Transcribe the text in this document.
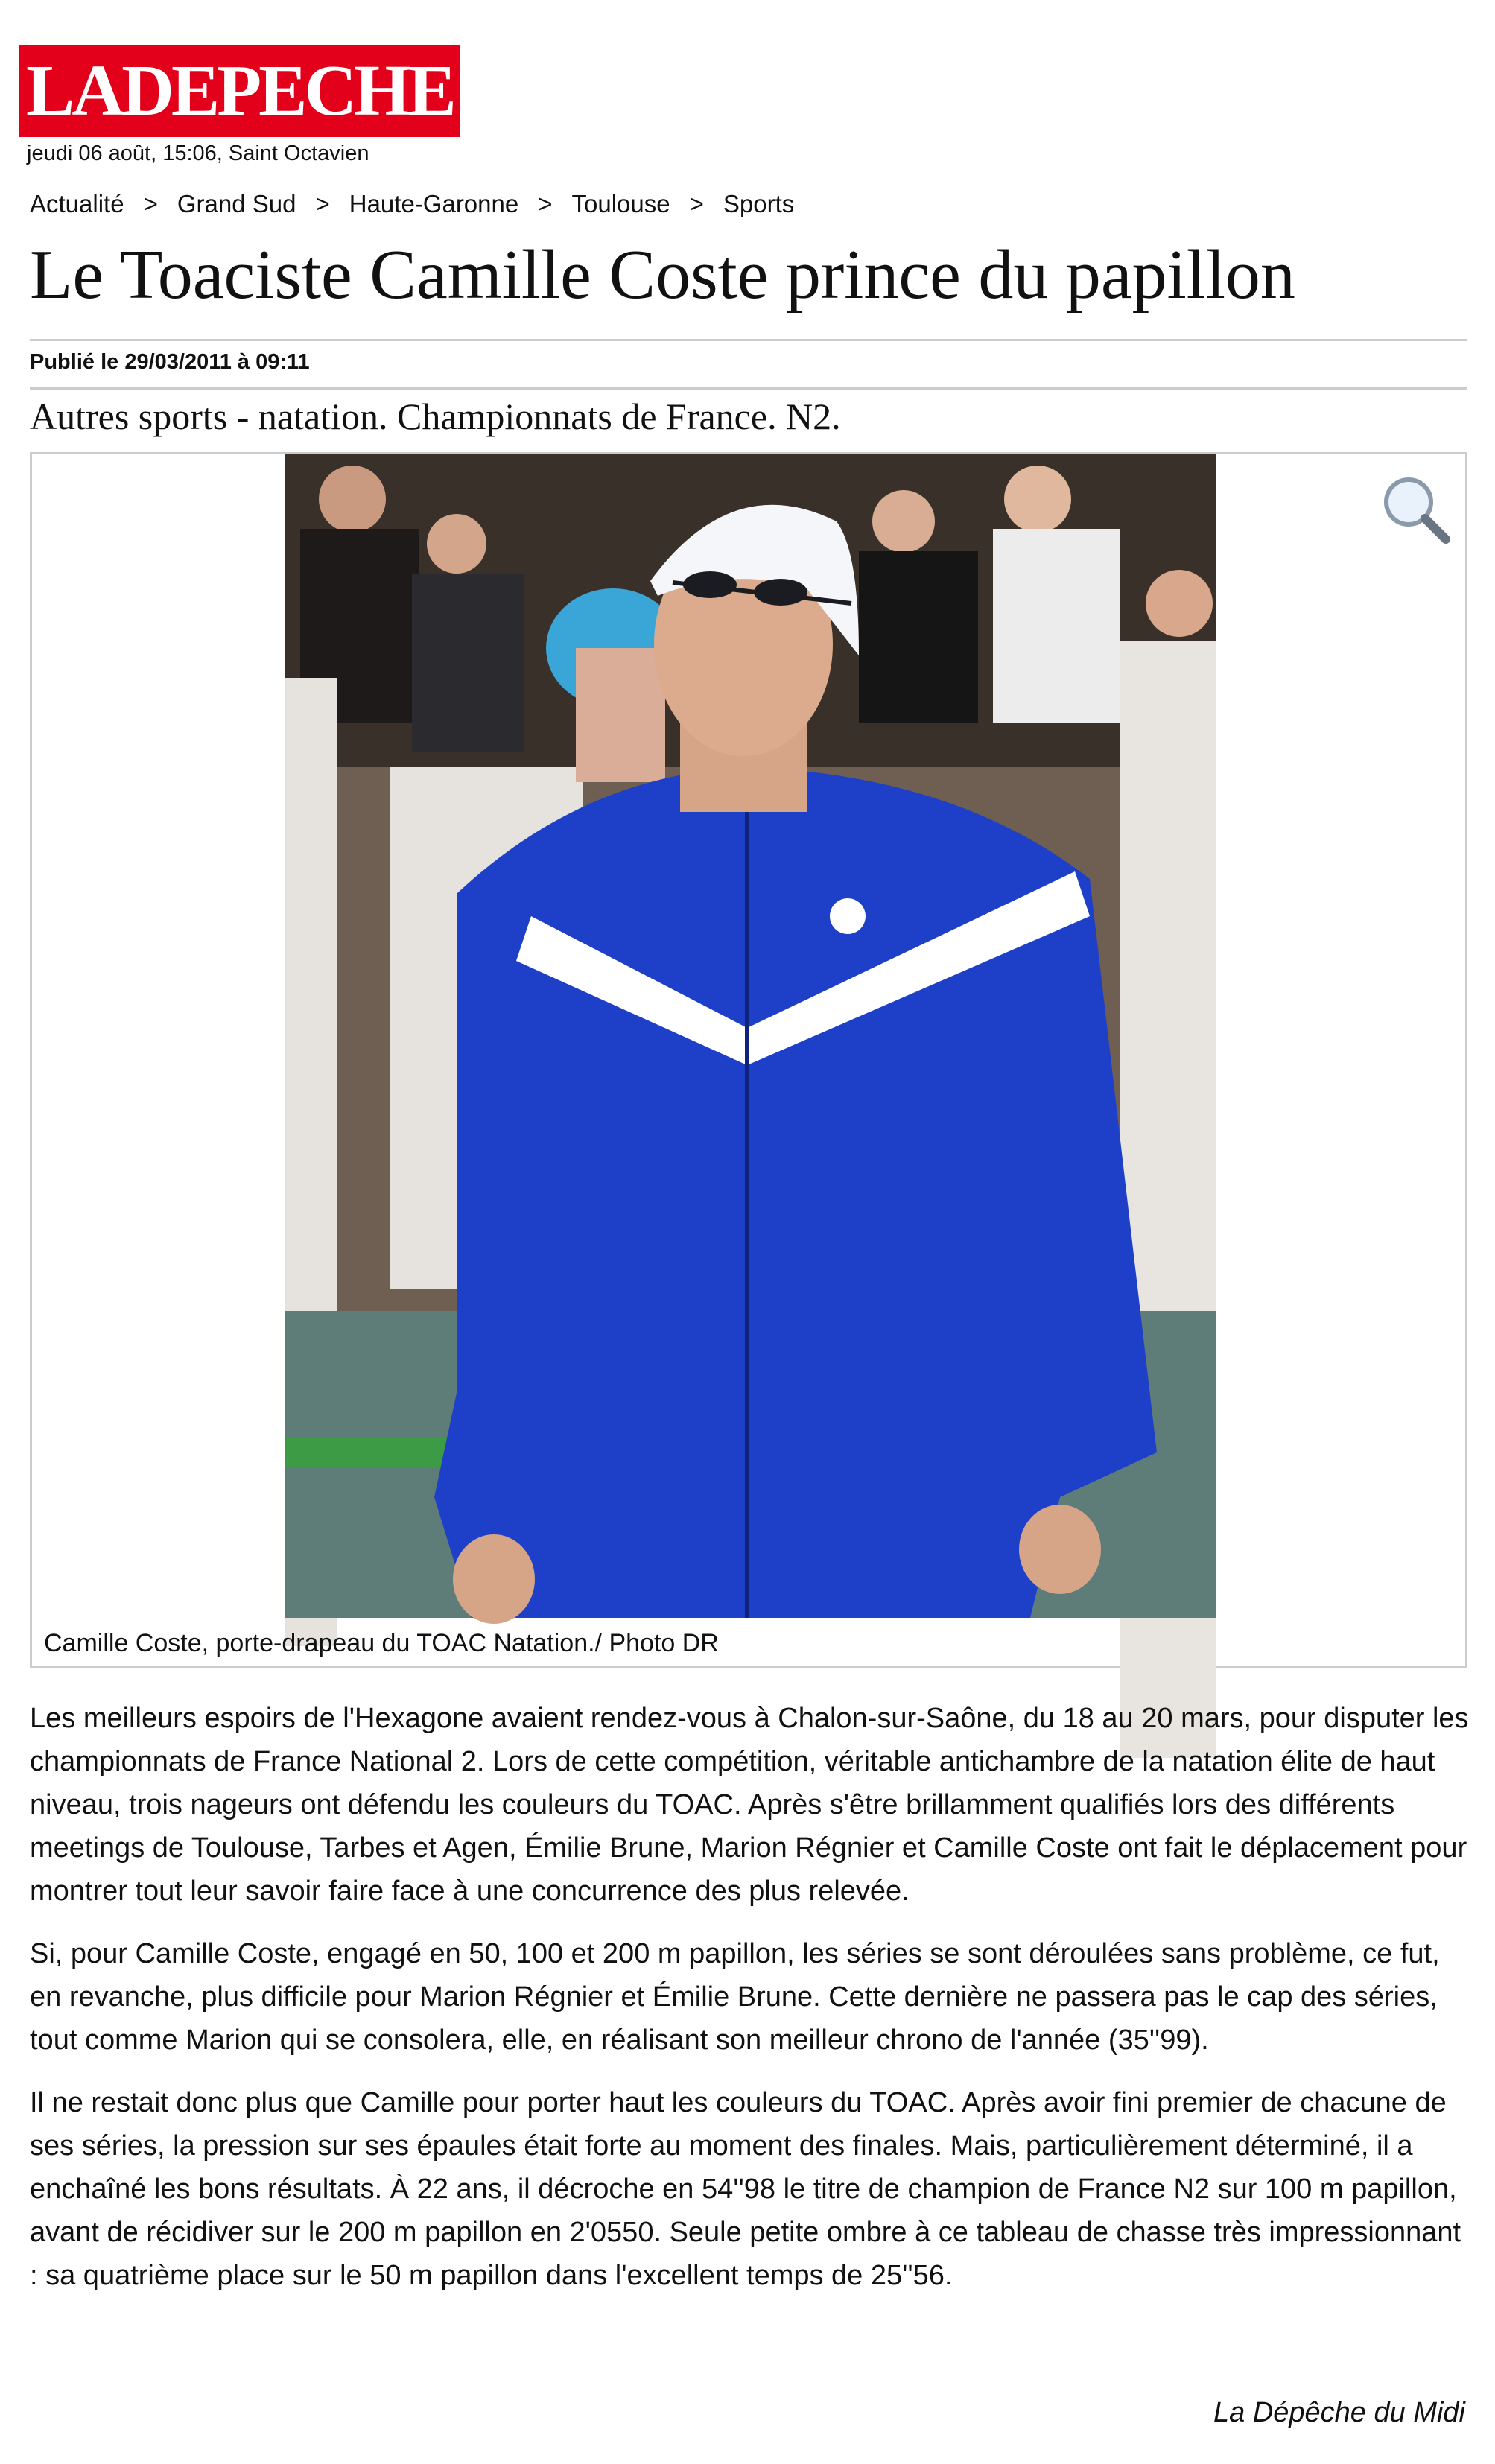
LADEPECHE . fr
jeudi 06 août, 15:06, Saint Octavien
Actualité > Grand Sud > Haute-Garonne > Toulouse > Sports
Le Toaciste Camille Coste prince du papillon
Publié le 29/03/2011 à 09:11
Autres sports - natation. Championnats de France. N2.
Camille Coste, porte-drapeau du TOAC Natation./ Photo DR

Les meilleurs espoirs de l'Hexagone avaient rendez-vous à Chalon-sur-Saône, du 18 au 20 mars, pour disputer les championnats de France National 2. Lors de cette compétition, véritable antichambre de la natation élite de haut niveau, trois nageurs ont défendu les couleurs du TOAC. Après s'être brillamment qualifiés lors des différents meetings de Toulouse, Tarbes et Agen, Émilie Brune, Marion Régnier et Camille Coste ont fait le déplacement pour montrer tout leur savoir faire face à une concurrence des plus relevée.

Si, pour Camille Coste, engagé en 50, 100 et 200 m papillon, les séries se sont déroulées sans problème, ce fut, en revanche, plus difficile pour Marion Régnier et Émilie Brune. Cette dernière ne passera pas le cap des séries, tout comme Marion qui se consolera, elle, en réalisant son meilleur chrono de l'année (35''99).

Il ne restait donc plus que Camille pour porter haut les couleurs du TOAC. Après avoir fini premier de chacune de ses séries, la pression sur ses épaules était forte au moment des finales. Mais, particulièrement déterminé, il a enchaîné les bons résultats. À 22 ans, il décroche en 54''98 le titre de champion de France N2 sur 100 m papillon, avant de récidiver sur le 200 m papillon en 2'0550. Seule petite ombre à ce tableau de chasse très impressionnant : sa quatrième place sur le 50 m papillon dans l'excellent temps de 25''56.

La Dépêche du Midi
